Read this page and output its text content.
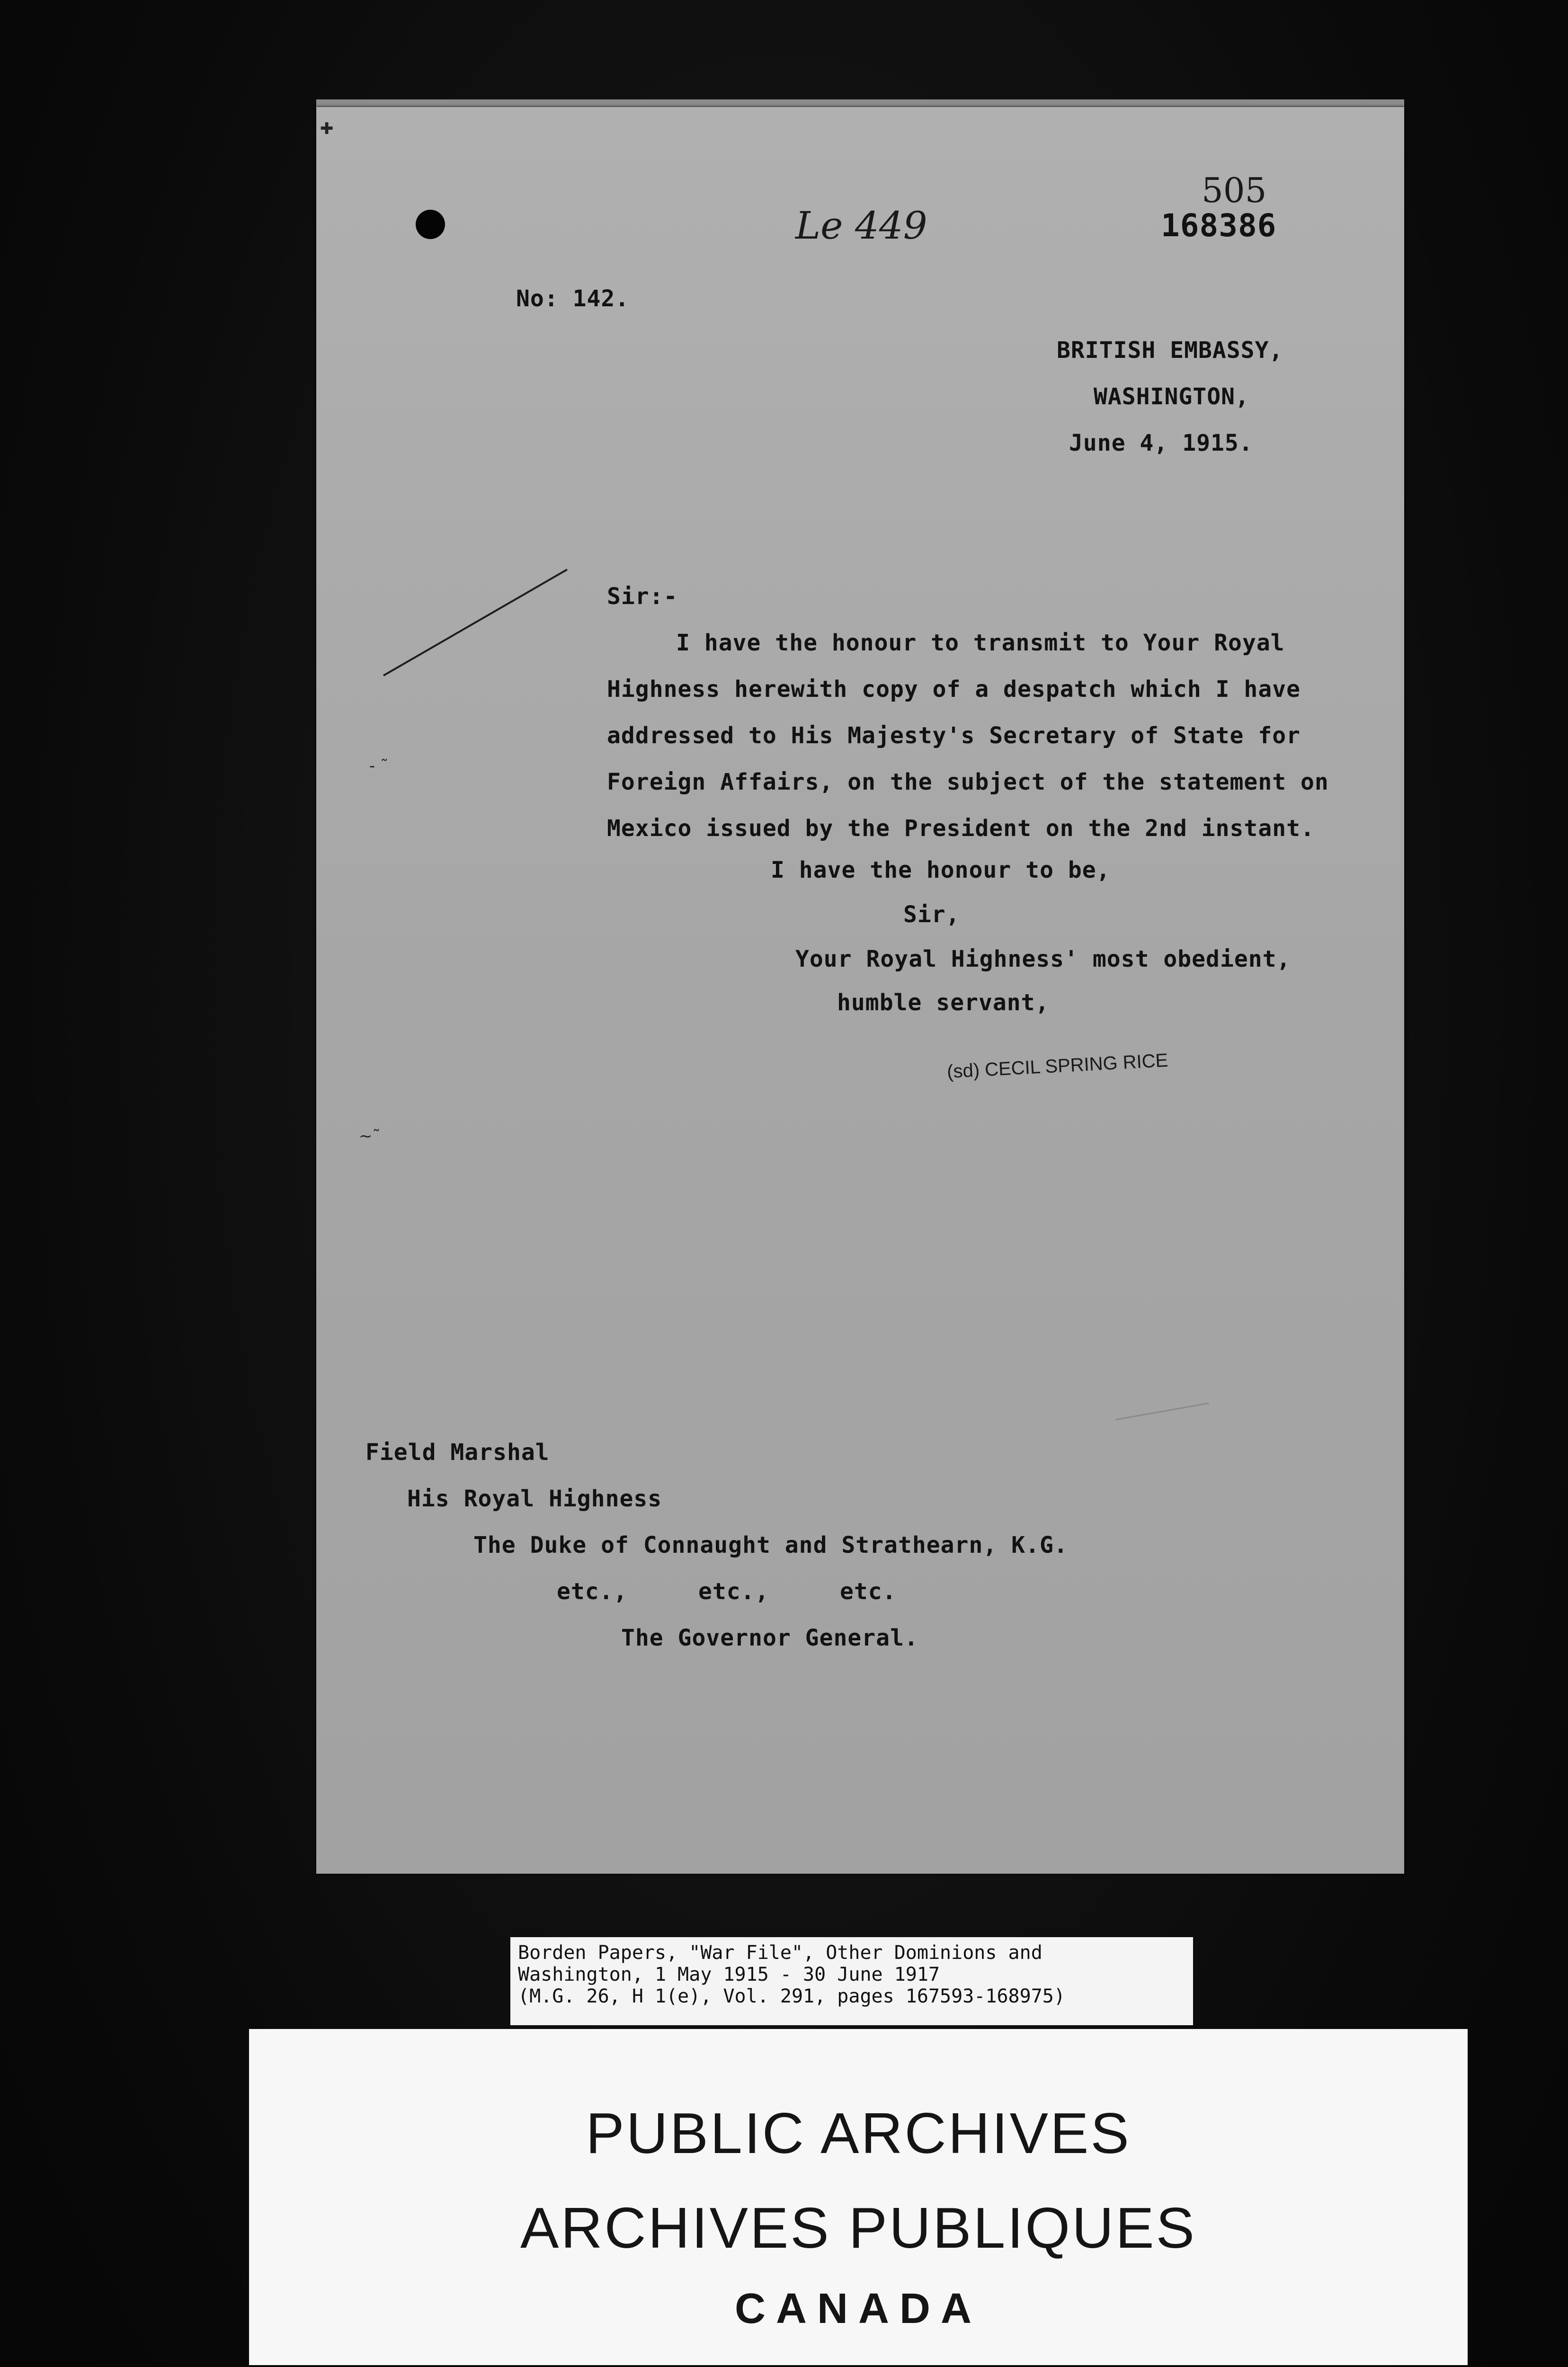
✚
Le 449
505
168386
No: 142.
BRITISH EMBASSY,
WASHINGTON,
June 4, 1915.
Sir:-
I have the honour to transmit to Your Royal
Highness herewith copy of a despatch which I have
addressed to His Majesty's Secretary of State for
Foreign Affairs, on the subject of the statement on
Mexico issued by the President on the 2nd instant.
- ˜
~˜
I have the honour to be,
Sir,
Your Royal Highness' most obedient,
humble servant,
(sd) CECIL SPRING RICE
Field Marshal
His Royal Highness
The Duke of Connaught and Strathearn, K.G.
etc.,     etc.,     etc.
The Governor General.
Borden Papers, "War File", Other Dominions and
Washington, 1 May 1915 - 30 June 1917
(M.G. 26, H 1(e), Vol. 291, pages 167593-168975)
PUBLIC ARCHIVES
ARCHIVES PUBLIQUES
CANADA
